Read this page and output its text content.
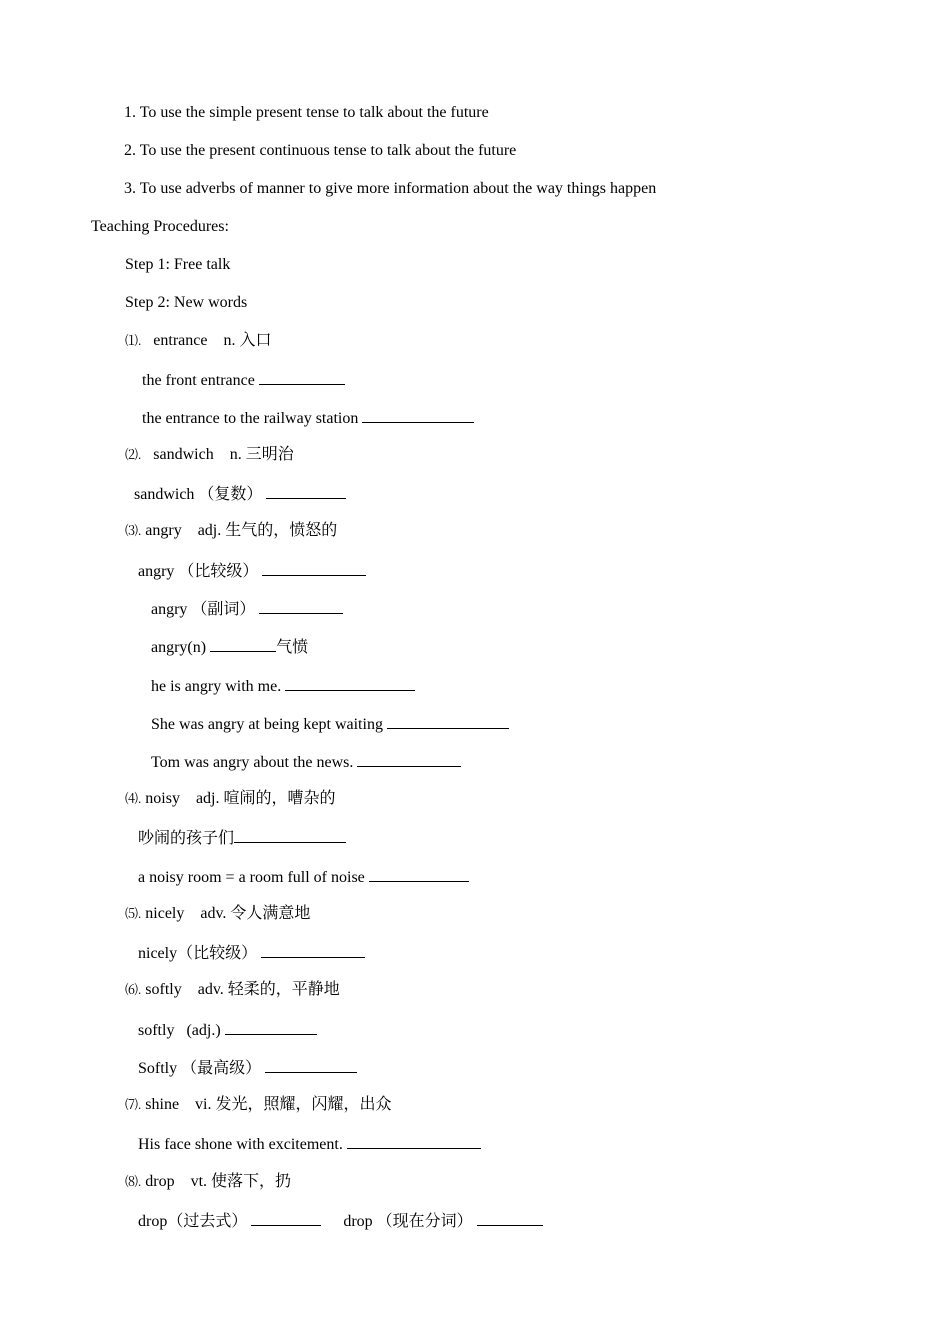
1. To use the simple present tense to talk about the future
2. To use the present continuous tense to talk about the future
3. To use adverbs of manner to give more information about the way things happen
Teaching Procedures:
Step 1: Free talk
Step 2: New words
⑴. entrance n. 入口
the front entrance
the entrance to the railway station
⑵. sandwich n. 三明治
sandwich （复数）
⑶. angry adj. 生气的，愤怒的
angry （比较级）
angry （副词）
angry(n)	气愤
he is angry with me.
She was angry at being kept waiting
Tom was angry about the news.
⑷. noisy adj. 喧闹的，嘈杂的
吵闹的孩子们
a noisy room = a room full of noise
⑸. nicely adv. 令人满意地
nicely（比较级）
⑹. softly adv. 轻柔的，平静地
softly   (adj.)
Softly （最高级）
⑺. shine vi. 发光，照耀，闪耀，出众
His face shone with excitement.
⑻. drop vt. 使落下，扔
drop（过去式）	drop （现在分词）
